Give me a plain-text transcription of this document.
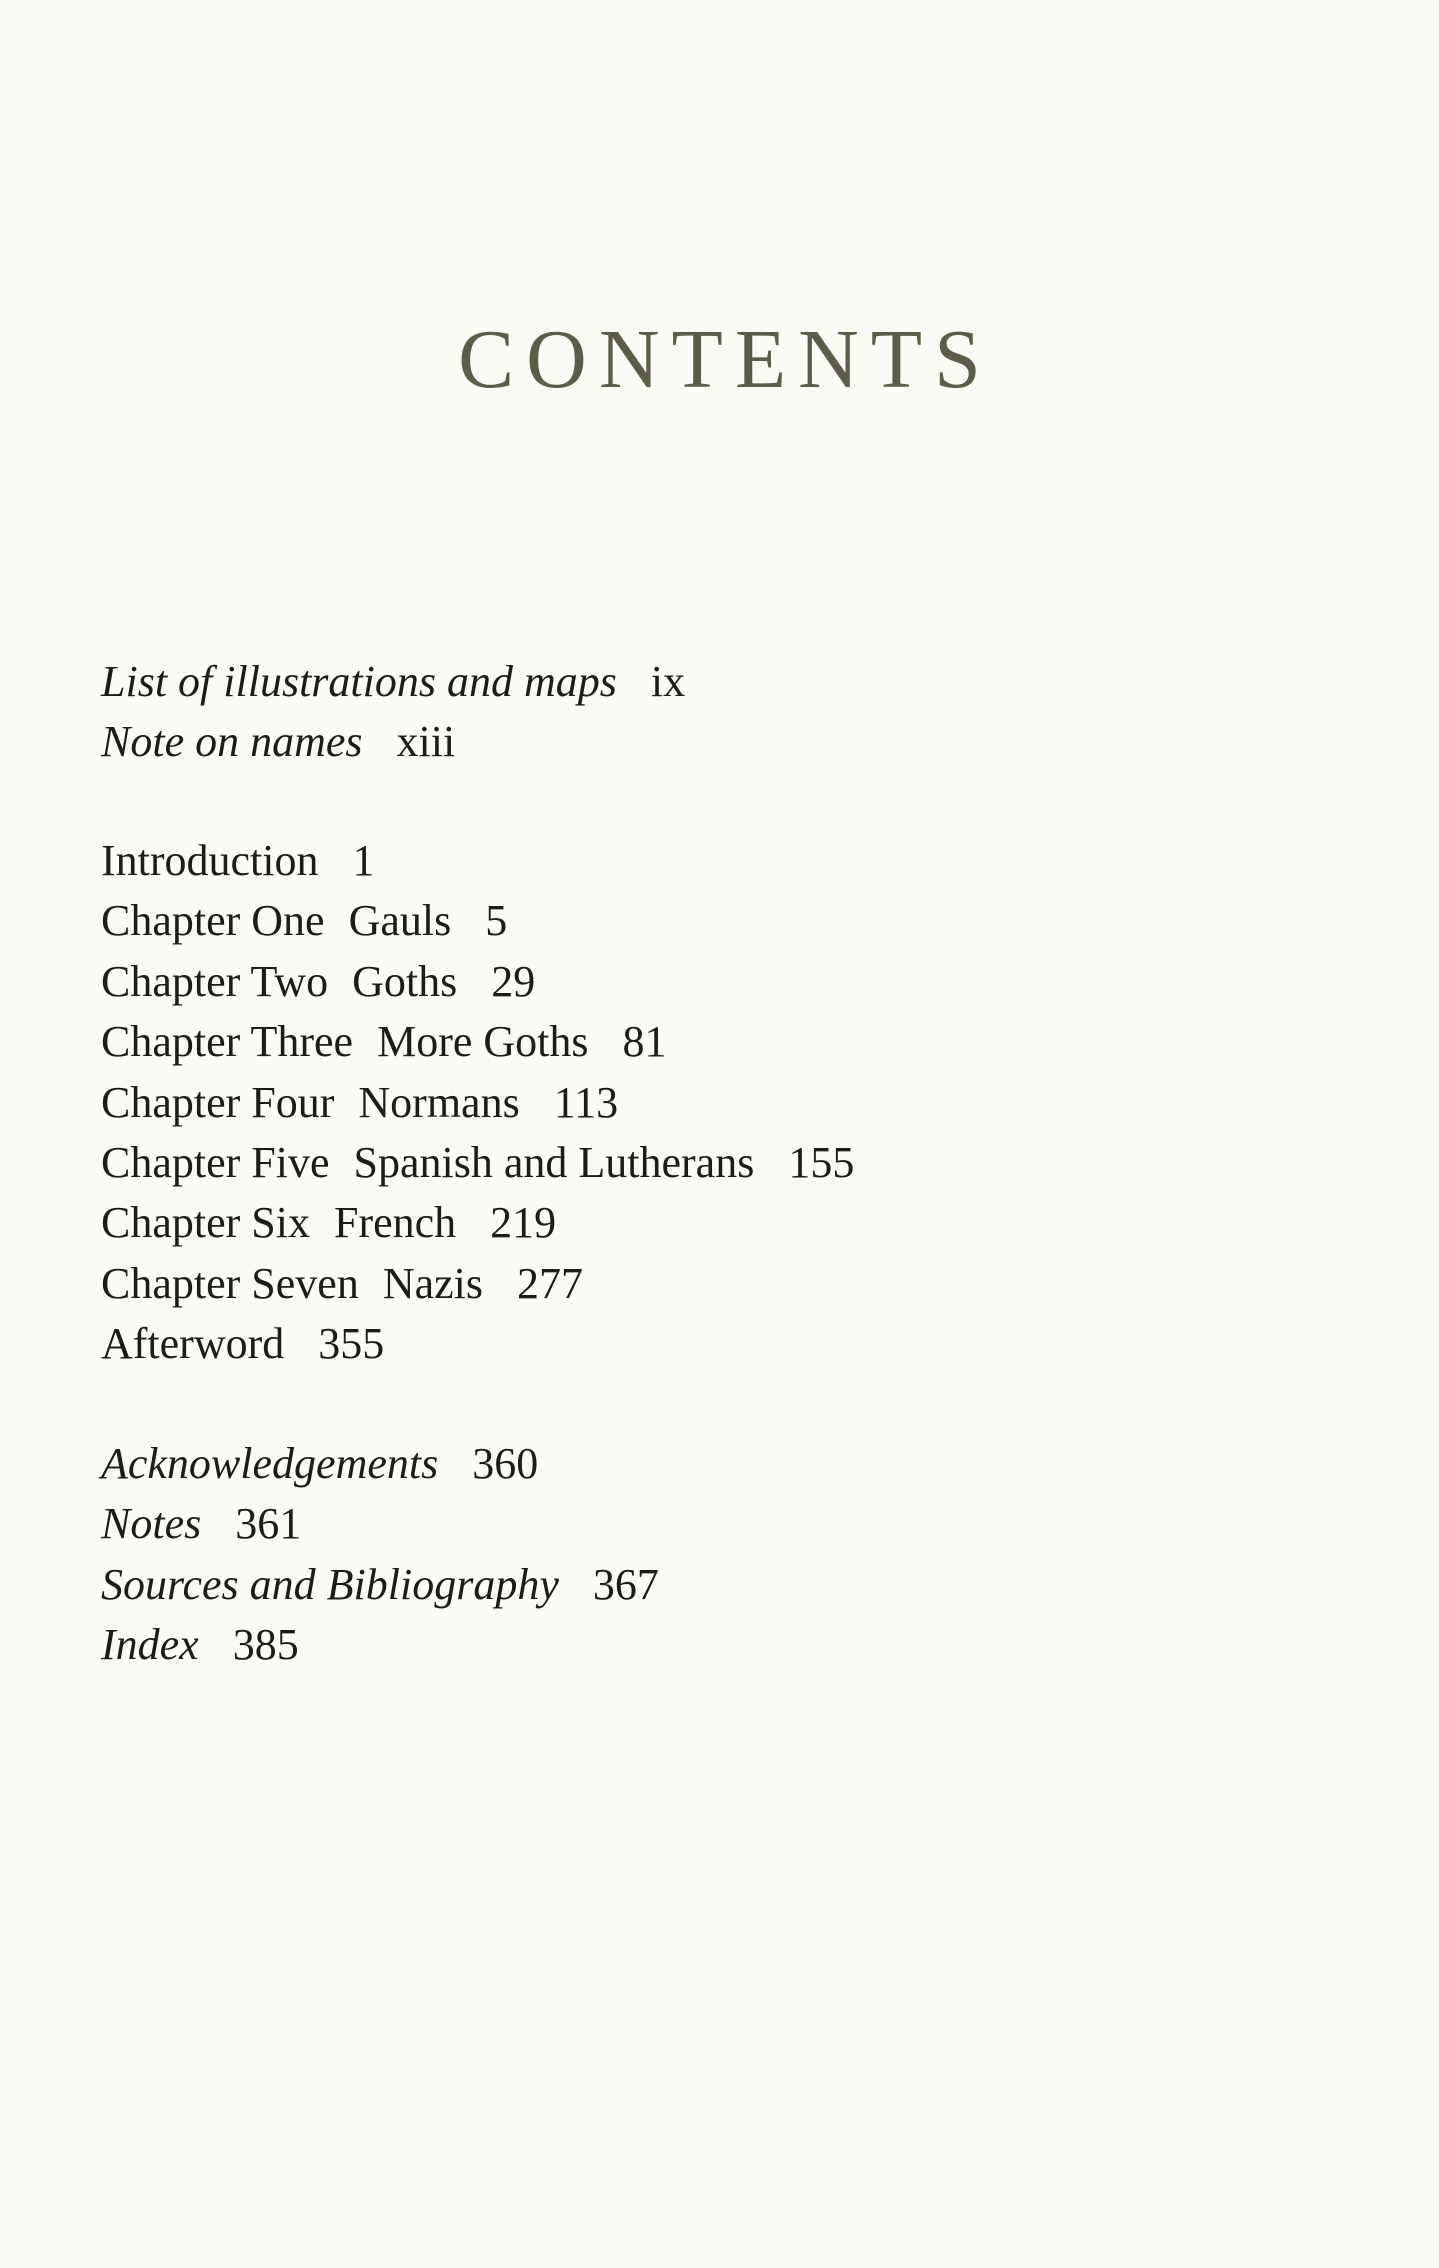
CONTENTS
List of illustrations and maps ix
Note on names xiii
Introduction 1
Chapter One Gauls 5
Chapter Two Goths 29
Chapter Three More Goths 81
Chapter Four Normans 113
Chapter Five Spanish and Lutherans 155
Chapter Six French 219
Chapter Seven Nazis 277
Afterword 355
Acknowledgements 360
Notes 361
Sources and Bibliography 367
Index 385
